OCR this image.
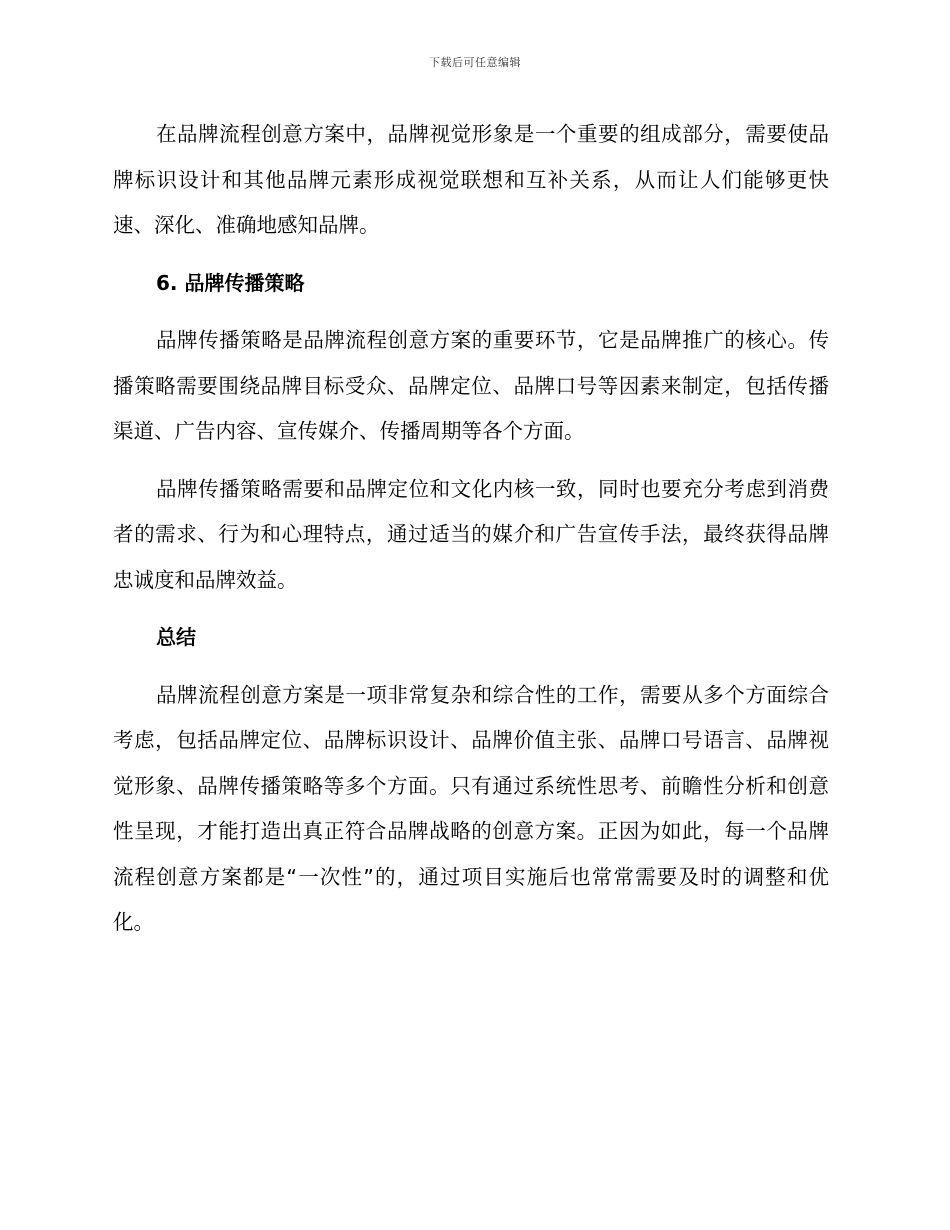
下载后可任意编辑

在品牌流程创意方案中，品牌视觉形象是一个重要的组成部分，需要使品牌标识设计和其他品牌元素形成视觉联想和互补关系，从而让人们能够更快速、深化、准确地感知品牌。

6. 品牌传播策略

品牌传播策略是品牌流程创意方案的重要环节，它是品牌推广的核心。传播策略需要围绕品牌目标受众、品牌定位、品牌口号等因素来制定，包括传播渠道、广告内容、宣传媒介、传播周期等各个方面。

品牌传播策略需要和品牌定位和文化内核一致，同时也要充分考虑到消费者的需求、行为和心理特点，通过适当的媒介和广告宣传手法，最终获得品牌忠诚度和品牌效益。

总结

品牌流程创意方案是一项非常复杂和综合性的工作，需要从多个方面综合考虑，包括品牌定位、品牌标识设计、品牌价值主张、品牌口号语言、品牌视觉形象、品牌传播策略等多个方面。只有通过系统性思考、前瞻性分析和创意性呈现，才能打造出真正符合品牌战略的创意方案。正因为如此，每一个品牌流程创意方案都是“一次性”的，通过项目实施后也常常需要及时的调整和优化。
